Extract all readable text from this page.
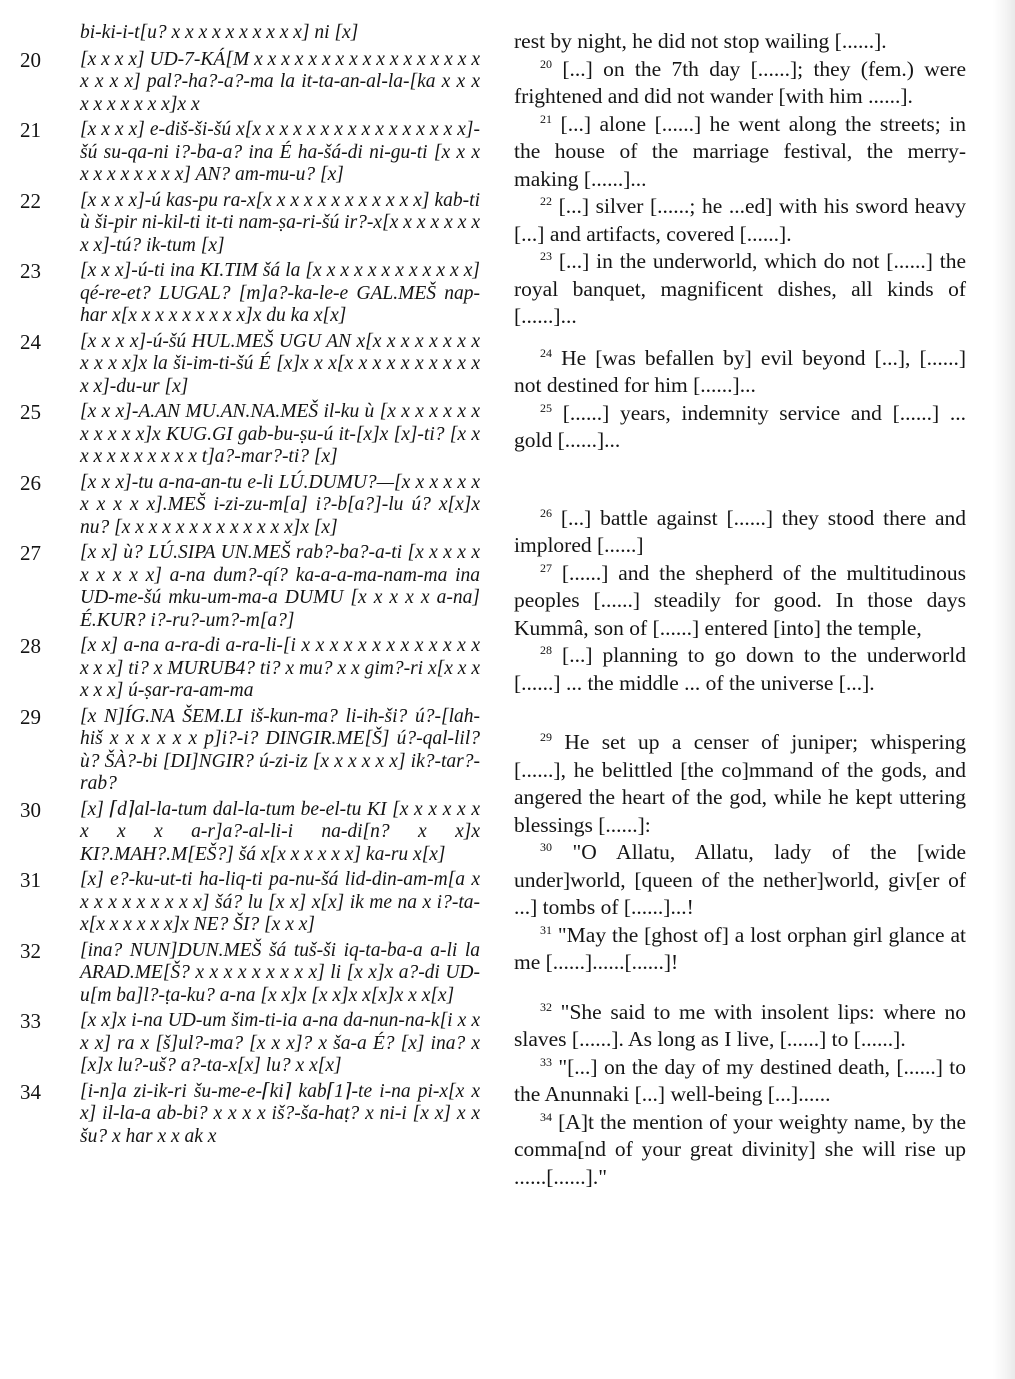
bi-ki-i-t[u? x x x x x x x x x x] ni [x]
20 [x x x x] UD-7-KÁ[M x x x x x x x x x x x x x x x x x x x x x] pal?-ha?-a?-ma la it-ta-an-al-la-[ka x x x x x x x x x x]x x
21 [x x x x] e-diš-ši-šú x[x x x x x x x x x x x x x x x x]-šú su-qa-ni i?-ba-a? ina É ha-šá-di ni-gu-ti [x x x x x x x x x x x] AN? am-mu-u? [x]
22 [x x x x]-ú kas-pu ra-x[x x x x x x x x x x x x] kab-ti ù ši-pir ni-kil-ti it-ti nam-ṣa-ri-šú ir?-x[x x x x x x x x x]-tú? ik-tum [x]
23 [x x x]-ú-ti ina KI.TIM šá la [x x x x x x x x x x x x] qé-re-et? LUGAL? [m]a?-ka-le-e GAL.MEŠ nap-har x[x x x x x x x x x]x du ka x[x]
24 [x x x x]-ú-šú HUL.MEŠ UGU AN x[x x x x x x x x x x x x]x la ši-im-ti-šú É [x]x x x[x x x x x x x x x x x x]-du-ur [x]
25 [x x x]-A.AN MU.AN.NA.MEŠ il-ku ù [x x x x x x x x x x x x]x KUG.GI gab-bu-ṣu-ú it-[x]x [x]-ti? [x x x x x x x x x x x t]a?-mar?-ti? [x]
26 [x x x]-tu a-na-an-tu e-li LÚ.DUMU?—[x x x x x x x x x x x].MEŠ i-zi-zu-m[a] i?-b[a?]-lu ú? x[x]x nu? [x x x x x x x x x x x x x]x [x]
27 [x x] ù? LÚ.SIPA UN.MEŠ rab?-ba?-a-ti [x x x x x x x x x x] a-na dum?-qí? ka-a-a-ma-nam-ma ina UD-me-šú mku-um-ma-a DUMU [x x x x x a-na] É.KUR? i?-ru?-um?-m[a?]
28 [x x] a-na a-ra-di a-ra-li-[i x x x x x x x x x x x x x x x x] ti? x MURUB4? ti? x mu? x x gim?-ri x[x x x x x x] ú-ṣar-ra-am-ma
29 [x N]ÍG.NA ŠEM.LI iš-kun-ma? li-ih-ši? ú?-[lah-hiš x x x x x x p]i?-i? DINGIR.ME[Š] ú?-qal-lil? ù? ŠÀ?-bi [DI]NGIR? ú-zi-iz [x x x x x x] ik?-tar?-rab?
30 [x] ⌈d⌉al-la-tum dal-la-tum be-el-tu KI [x x x x x x x x x a-r]a?-al-li-i na-di[n? x x]x KI?.MAH?.M[EŠ?] šá x[x x x x x x] ka-ru x[x]
31 [x] e?-ku-ut-ti ha-liq-ti pa-nu-šá lid-din-am-m[a x x x x x x x x x x] šá? lu [x x] x[x] ik me na x i?-ta-x[x x x x x x]x NE? ŠI? [x x x]
32 [ina? NUN]DUN.MEŠ šá tuš-ši iq-ta-ba-a a-li la ARAD.ME[Š? x x x x x x x x x] li [x x]x a?-di UD-u[m ba]l?-ṭa-ku? a-na [x x]x [x x]x x[x]x x x[x]
33 [x x]x i-na UD-um šim-ti-ia a-na da-nun-na-k[i x x x x] ra x [š]ul?-ma? [x x x]? x ša-a É? [x] ina? x [x]x lu?-uš? a?-ta-x[x] lu? x x[x]
34 [i-n]a zi-ik-ri šu-me-e-⌈ki⌉ kab⌈1⌉-te i-na pi-x[x x x] il-la-a ab-bi? x x x x iš?-ša-haṭ? x ni-i [x x] x x šu? x har x x ak x

rest by night, he did not stop wailing [......].

$^{20}$ [...] on the 7th day [......]; they (fem.) were frightened and did not wander [with him ......].

$^{21}$ [...] alone [......] he went along the streets; in the house of the marriage festival, the merry-making [......]...

$^{22}$ [...] silver [......; he ...ed] with his sword heavy [...] and artifacts, covered [......].

$^{23}$ [...] in the underworld, which do not [......] the royal banquet, magnificent dishes, all kinds of [......]...

$^{24}$ He [was befallen by] evil beyond [...], [......] not destined for him [......]...

$^{25}$ [......] years, indemnity service and [......] ... gold [......]...

$^{26}$ [...] battle against [......] they stood there and implored [......]

$^{27}$ [......] and the shepherd of the multitudinous peoples [......] steadily for good. In those days Kummâ, son of [......] entered [into] the temple,

$^{28}$ [...] planning to go down to the underworld [......] ... the middle ... of the universe [...].

$^{29}$ He set up a censer of juniper; whispering [......], he belittled [the co]mmand of the gods, and angered the heart of the god, while he kept uttering blessings [......]:

$^{30}$ "O Allatu, Allatu, lady of the [wide under]world, [queen of the nether]world, giv[er of ...] tombs of [......]...!

$^{31}$ "May the [ghost of] a lost orphan girl glance at me [......]......[......]!

$^{32}$ "She said to me with insolent lips: where no slaves [......]. As long as I live, [......] to [......].

$^{33}$ "[...] on the day of my destined death, [......] to the Anunnaki [...] well-being [...]......

$^{34}$ [A]t the mention of your weighty name, by the comma[nd of your great divinity] she will rise up ......[......]."
